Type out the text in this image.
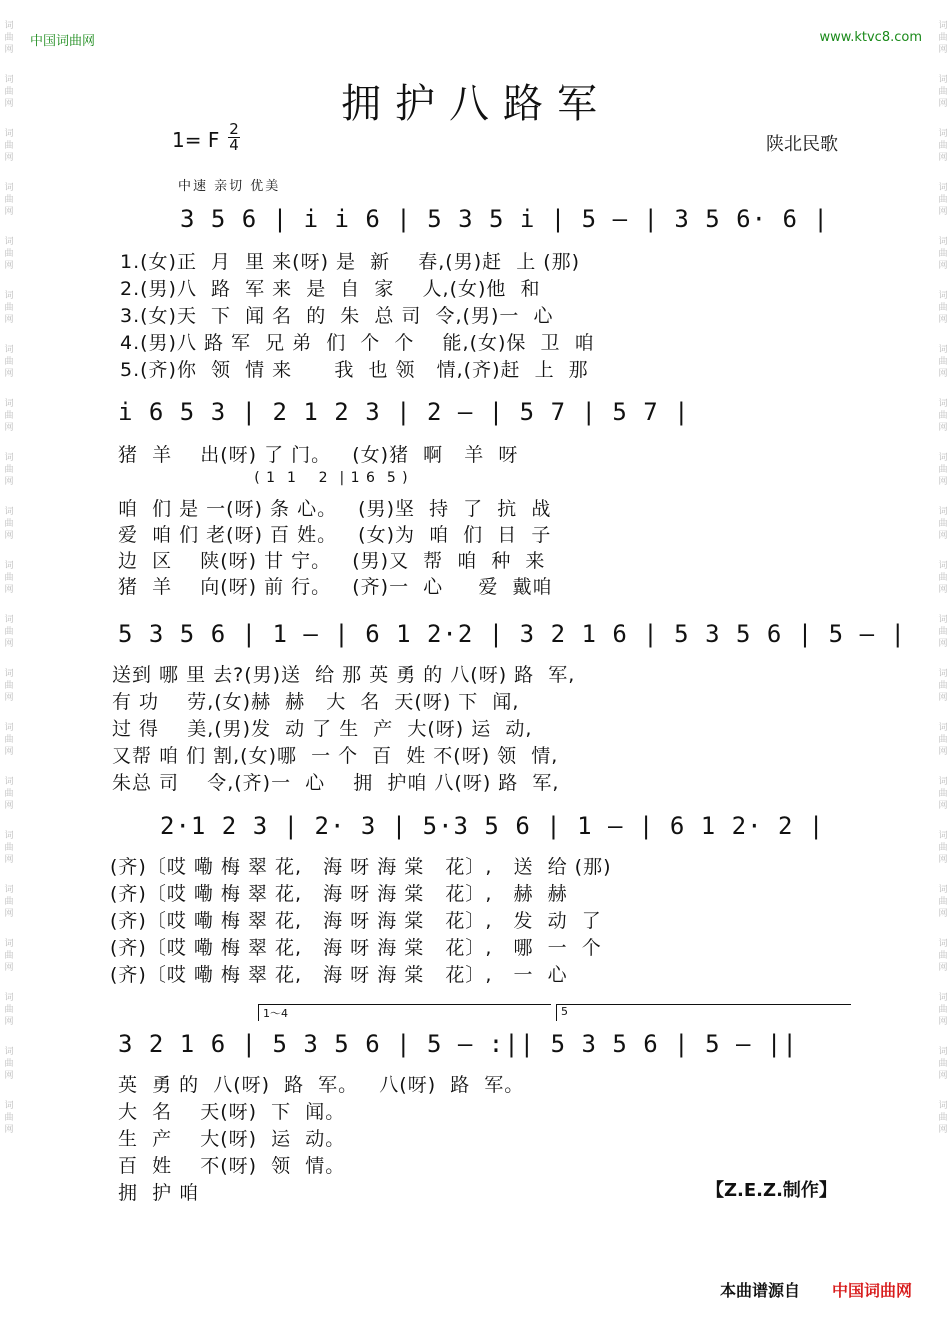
词曲网
词曲网
词曲网
词曲网
词曲网
词曲网
词曲网
词曲网
词曲网
词曲网
词曲网
词曲网
词曲网
词曲网
词曲网
词曲网
词曲网
词曲网
词曲网
词曲网
词曲网
词曲网
词曲网
词曲网
词曲网
词曲网
词曲网
词曲网
词曲网
词曲网
词曲网
词曲网
词曲网
词曲网
词曲网
词曲网
词曲网
词曲网
词曲网
词曲网
词曲网
词曲网
中国词曲网	www.ktvc8.com
拥护八路军
1= F 2
4	陕北民歌
中速 亲切 优美
3 5 6 | i i 6 | 5 3 5 i | 5 — | 3 5 6· 6 |
1.(女)正  月  里 来(呀) 是  新    春,(男)赶  上 (那)
2.(男)八  路  军 来  是  自  家    人,(女)他  和
3.(女)天  下  闻 名  的  朱  总 司  令,(男)一  心
4.(男)八 路 军  兄 弟  们  个  个    能,(女)保  卫  咱
5.(齐)你  领  情 来      我  也 领   情,(齐)赶  上  那
i 6 5 3 | 2 1 2 3 | 2 — | 5 7 | 5 7 |
猪  羊    出(呀) 了 门。   (女)猪  啊   羊  呀
( 1  1    2  | 1 6  5 )
咱  们 是 一(呀) 条 心。   (男)坚  持  了  抗  战
爱  咱 们 老(呀) 百 姓。   (女)为  咱  们  日  子
边  区    陕(呀) 甘 宁。   (男)又  帮  咱  种  来
猪  羊    向(呀) 前 行。   (齐)一  心     爱  戴咱
5 3 5 6 | 1 — | 6 1 2·2 | 3 2 1 6 | 5 3 5 6 | 5 — |
送到 哪 里 去?(男)送  给 那 英 勇 的 八(呀) 路  军,
有 功    劳,(女)赫  赫   大  名  天(呀) 下  闻,
过 得    美,(男)发  动 了 生  产  大(呀) 运  动,
又帮 咱 们 割,(女)哪  一 个  百  姓 不(呀) 领  情,
朱总 司    令,(齐)一  心    拥  护咱 八(呀) 路  军,
2·1 2 3 | 2· 3 | 5·3 5 6 | 1 — | 6 1 2· 2 |
(齐)〔哎 嘞 梅 翠 花,   海 呀 海 棠   花〕,   送  给 (那)
(齐)〔哎 嘞 梅 翠 花,   海 呀 海 棠   花〕,   赫  赫
(齐)〔哎 嘞 梅 翠 花,   海 呀 海 棠   花〕,   发  动  了
(齐)〔哎 嘞 梅 翠 花,   海 呀 海 棠   花〕,   哪  一  个
(齐)〔哎 嘞 梅 翠 花,   海 呀 海 棠   花〕,   一  心
1～4	5
3 2 1 6 | 5 3 5 6 | 5 — :|| 5 3 5 6 | 5 — ||
英  勇 的  八(呀)  路  军。   八(呀)  路  军。
大  名    天(呀)  下  闻。
生  产    大(呀)  运  动。
百  姓    不(呀)  领  情。
拥  护 咱	【Z.E.Z.制作】
本曲谱源自 中国词曲网
